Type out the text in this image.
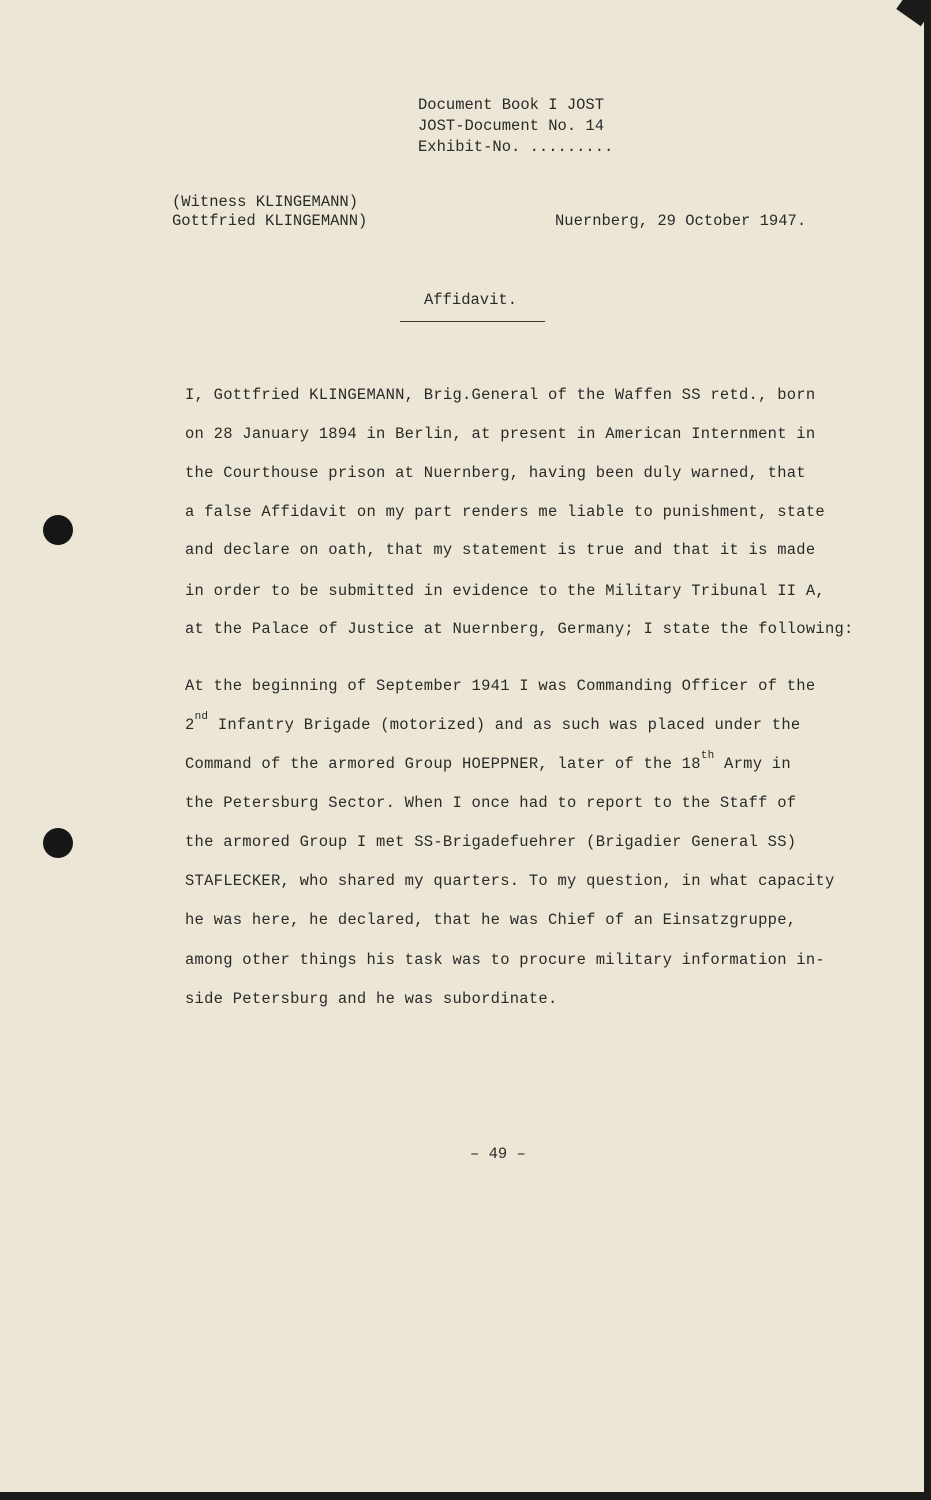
Document Book I JOST
JOST-Document No. 14
Exhibit-No. .........
(Witness KLINGEMANN)
Gottfried KLINGEMANN)	Nuernberg, 29 October 1947.
Affidavit.
I, Gottfried KLINGEMANN, Brig.General of the Waffen SS retd., born
on 28 January 1894 in Berlin, at present in American Internment in
the Courthouse prison at Nuernberg, having been duly warned, that
a false Affidavit on my part renders me liable to punishment, state
and declare on oath, that my statement is true and that it is made
in order to be submitted in evidence to the Military Tribunal II A,
at the Palace of Justice at Nuernberg, Germany; I state the following:
At the beginning of September 1941 I was Commanding Officer of the
2nd Infantry Brigade (motorized) and as such was placed under the
Command of the armored Group HOEPPNER, later of the 18th Army in
the Petersburg Sector. When I once had to report to the Staff of
the armored Group I met SS-Brigadefuehrer (Brigadier General SS)
STAFLECKER, who shared my quarters. To my question, in what capacity
he was here, he declared, that he was Chief of an Einsatzgruppe,
among other things his task was to procure military information in-
side Petersburg and he was subordinate.
– 49 –
